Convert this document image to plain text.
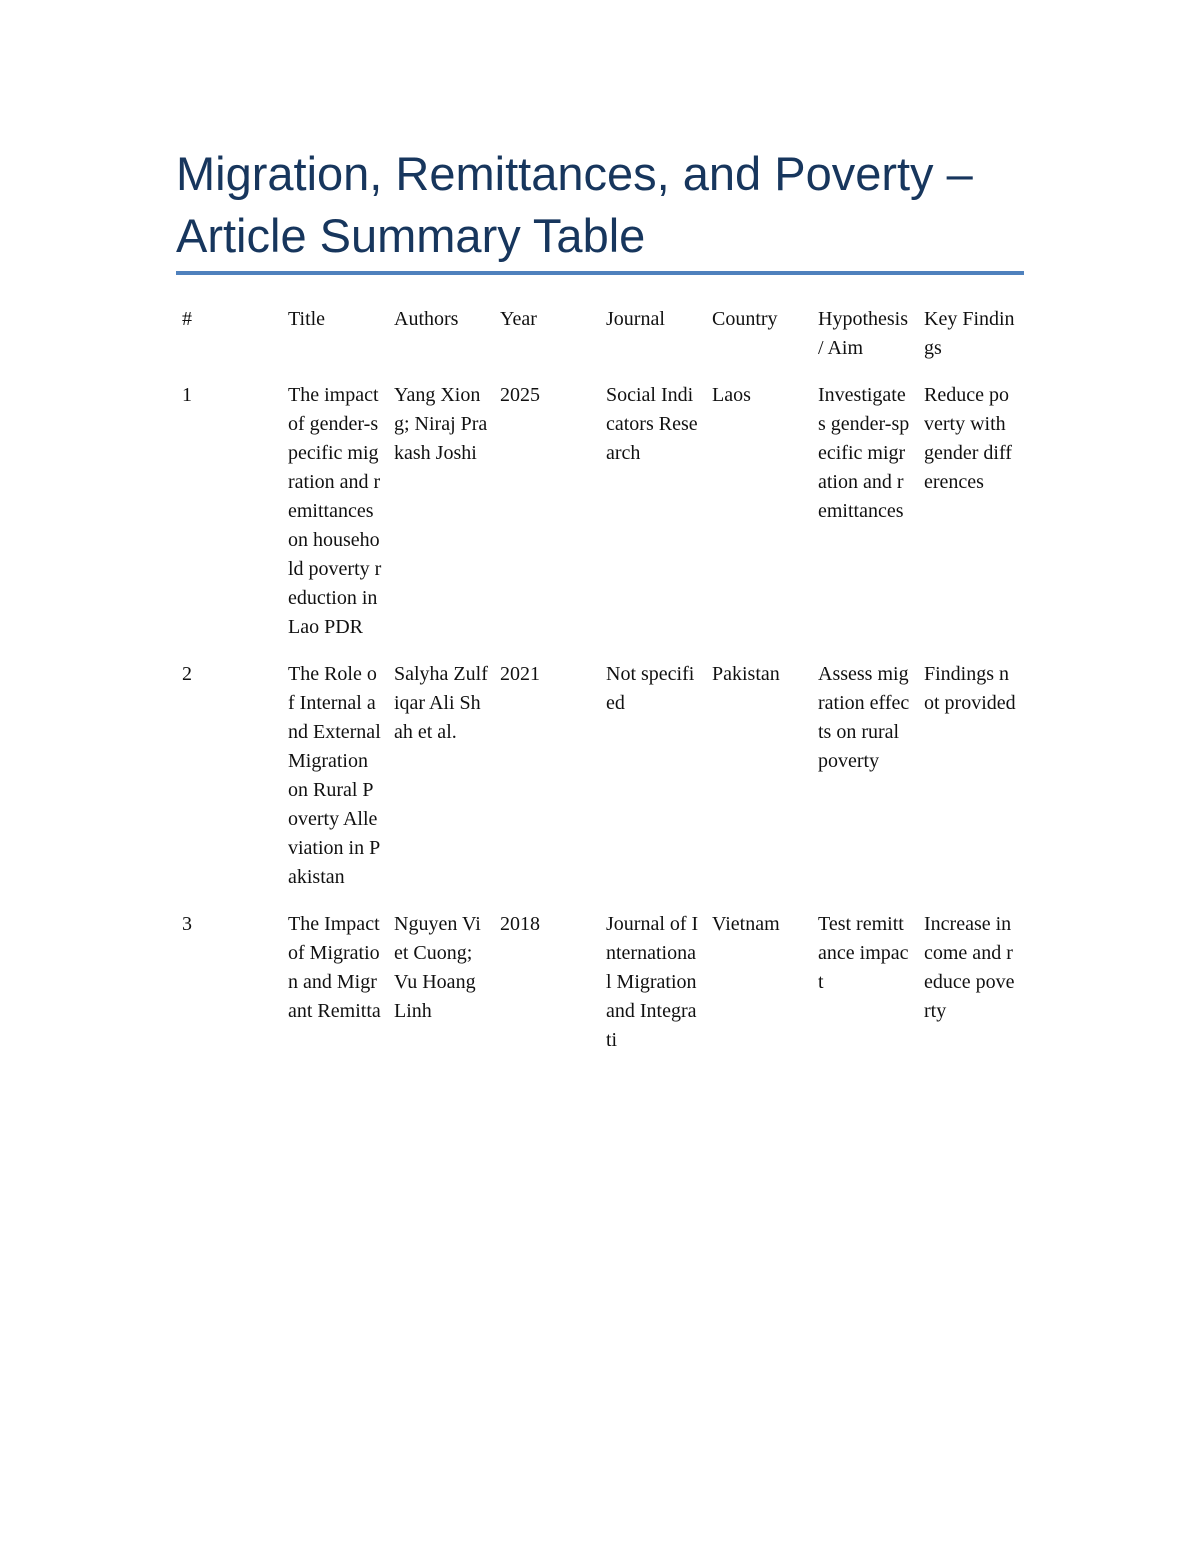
Migration, Remittances, and Poverty – Article Summary Table
#	Title	Authors	Year	Journal	Country	Hypothesis / Aim	Key Findings
1	The impact of gender-specific migration and remittances on household poverty reduction in Lao PDR	Yang Xiong; Niraj Prakash Joshi	2025	Social Indicators Research	Laos	Investigates gender-specific migration and remittances	Reduce poverty with gender differences
2	The Role of Internal and External Migration on Rural Poverty Alleviation in Pakistan	Salyha Zulfiqar Ali Shah et al.	2021	Not specified	Pakistan	Assess migration effects on rural poverty	Findings not provided
3	The Impact of Migration and Migrant Remitta	Nguyen Viet Cuong; Vu Hoang Linh	2018	Journal of International Migration and Integrati	Vietnam	Test remittance impact	Increase income and reduce poverty
